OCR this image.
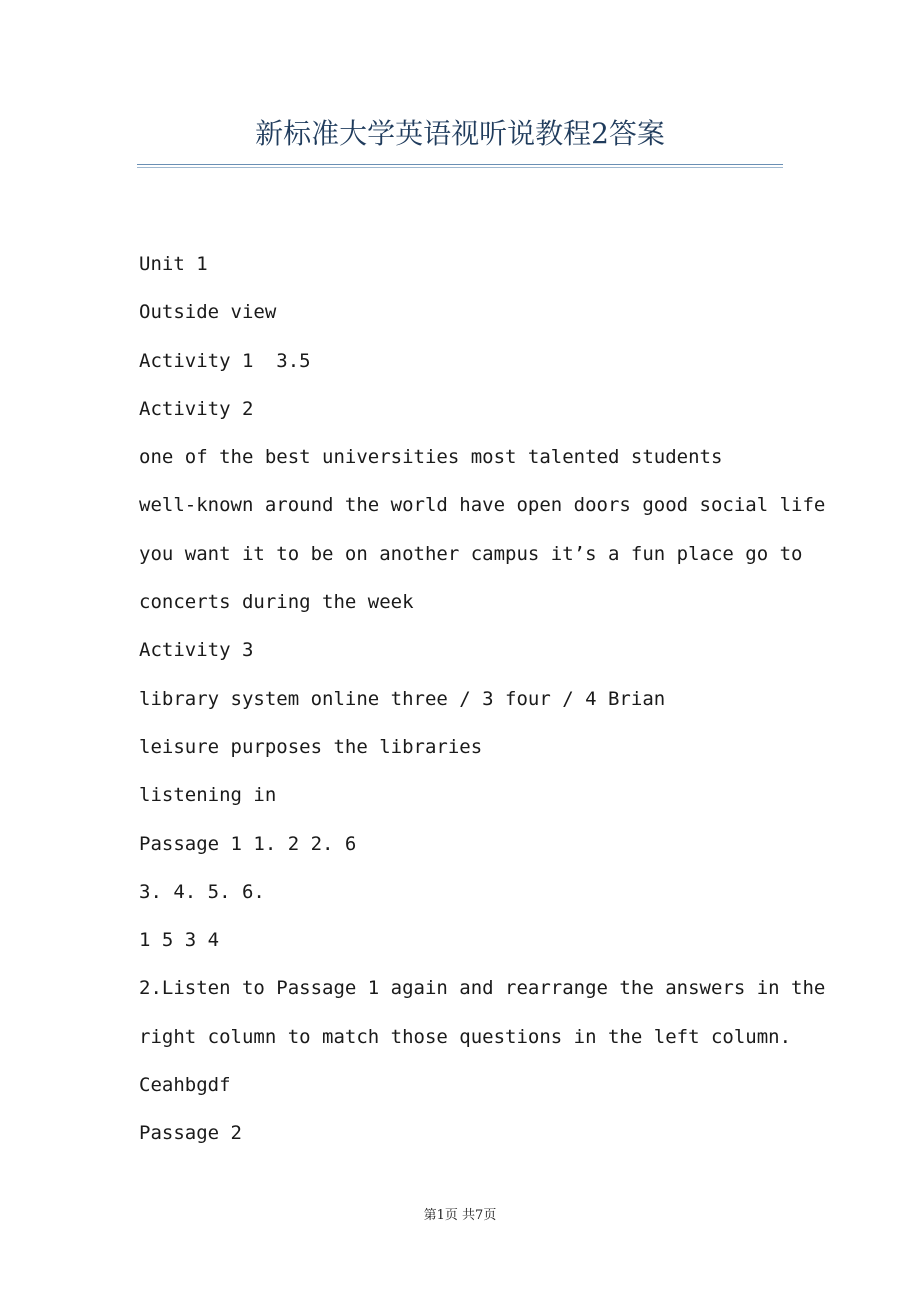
新标准大学英语视听说教程2答案
Unit 1
Outside view
Activity 1  3.5
Activity 2
one of the best universities most talented students
well-known around the world have open doors good social life
you want it to be on another campus it’s a fun place go to
concerts during the week
Activity 3
library system online three / 3 four / 4 Brian
leisure purposes the libraries
listening in
Passage 1 1. 2 2. 6
3. 4. 5. 6.
1 5 3 4
2.Listen to Passage 1 again and rearrange the answers in the
right column to match those questions in the left column.
Ceahbgdf
Passage 2
第1页 共7页
